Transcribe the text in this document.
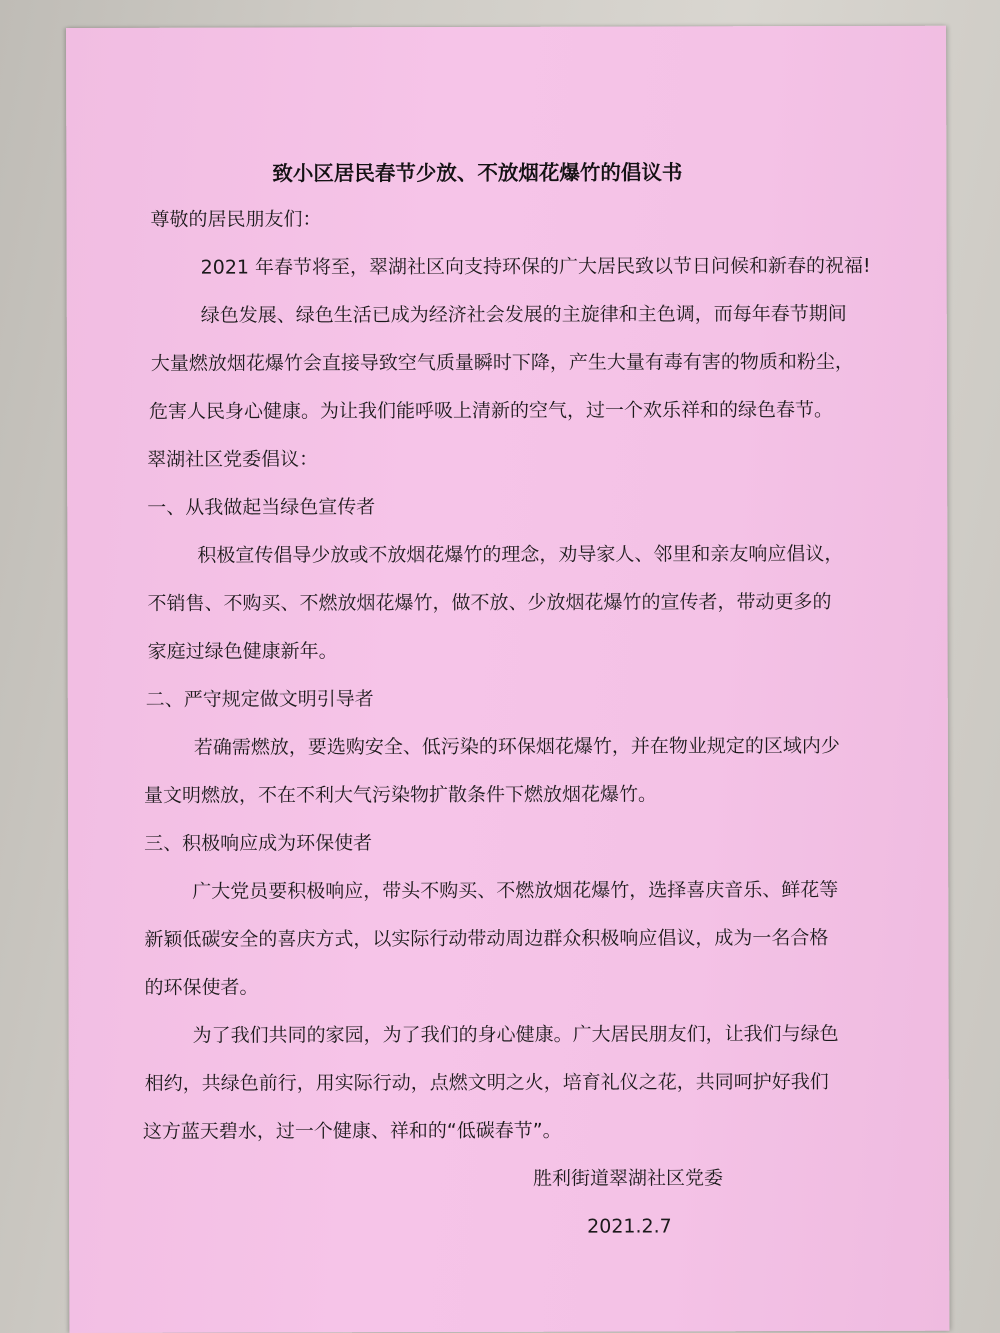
致小区居民春节少放、不放烟花爆竹的倡议书
尊敬的居民朋友们：
2021 年春节将至，翠湖社区向支持环保的广大居民致以节日问候和新春的祝福!
绿色发展、绿色生活已成为经济社会发展的主旋律和主色调，而每年春节期间
大量燃放烟花爆竹会直接导致空气质量瞬时下降，产生大量有毒有害的物质和粉尘，
危害人民身心健康。为让我们能呼吸上清新的空气，过一个欢乐祥和的绿色春节。
翠湖社区党委倡议：
一、从我做起当绿色宣传者
积极宣传倡导少放或不放烟花爆竹的理念，劝导家人、邻里和亲友响应倡议，
不销售、不购买、不燃放烟花爆竹，做不放、少放烟花爆竹的宣传者，带动更多的
家庭过绿色健康新年。
二、严守规定做文明引导者
若确需燃放，要选购安全、低污染的环保烟花爆竹，并在物业规定的区域内少
量文明燃放，不在不利大气污染物扩散条件下燃放烟花爆竹。
三、积极响应成为环保使者
广大党员要积极响应，带头不购买、不燃放烟花爆竹，选择喜庆音乐、鲜花等
新颖低碳安全的喜庆方式，以实际行动带动周边群众积极响应倡议，成为一名合格
的环保使者。
为了我们共同的家园，为了我们的身心健康。广大居民朋友们，让我们与绿色
相约，共绿色前行，用实际行动，点燃文明之火，培育礼仪之花，共同呵护好我们
这方蓝天碧水，过一个健康、祥和的“低碳春节”。
胜利街道翠湖社区党委
2021.2.7
